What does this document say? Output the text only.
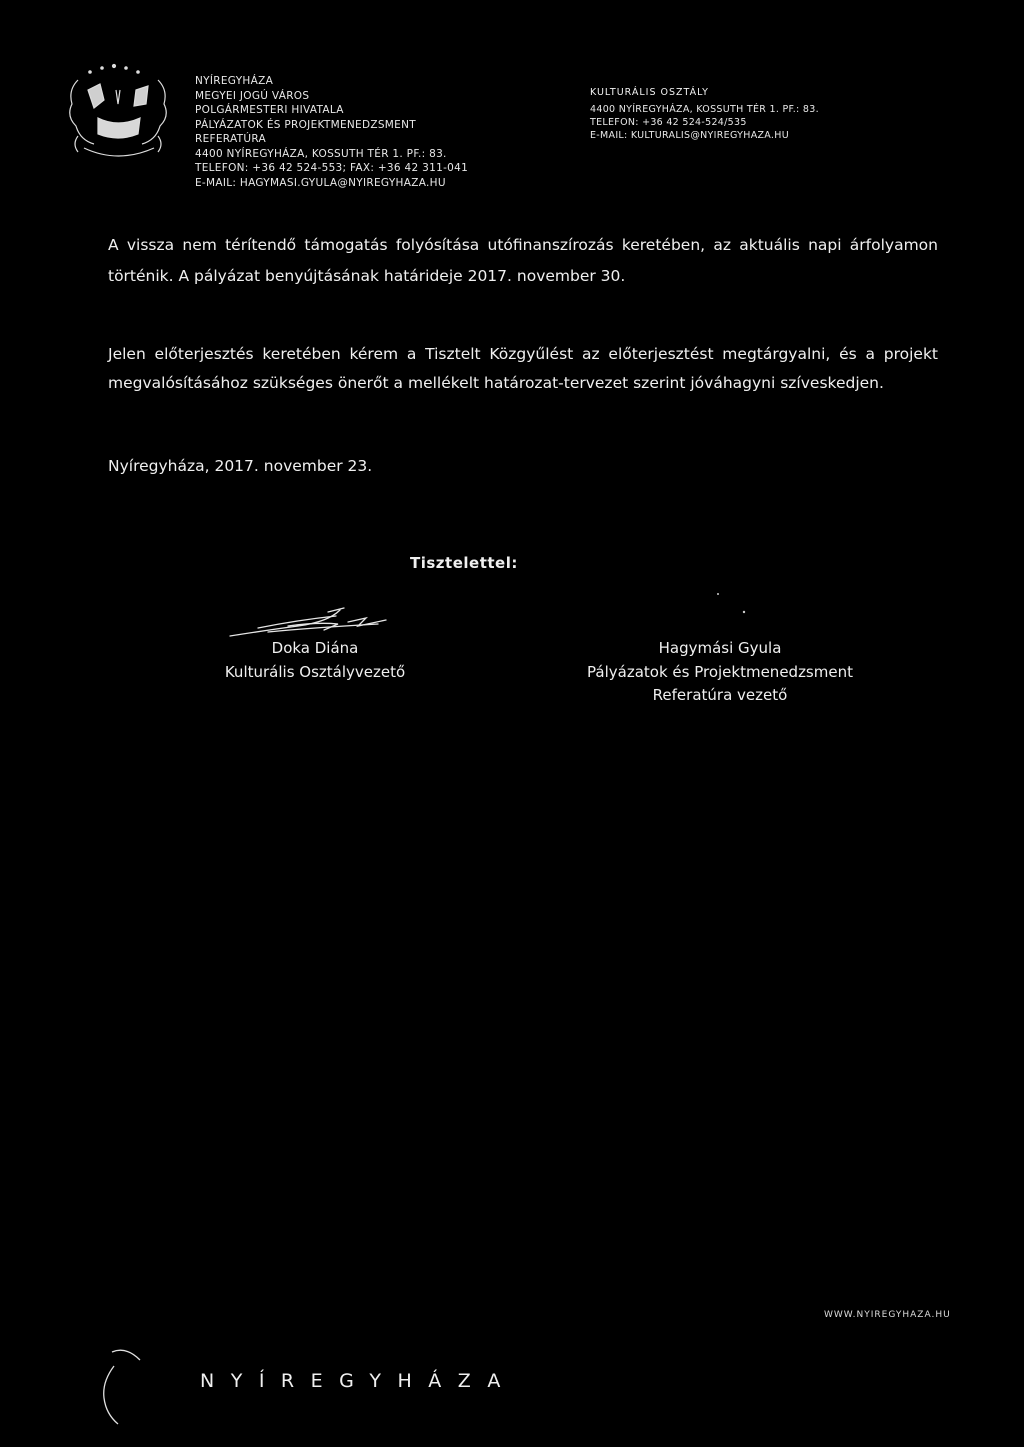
NYÍREGYHÁZA
MEGYEI JOGÚ VÁROS
POLGÁRMESTERI HIVATALA
PÁLYÁZATOK ÉS PROJEKTMENEDZSMENT
REFERATÚRA
4400 NYÍREGYHÁZA, KOSSUTH TÉR 1. PF.: 83.
TELEFON: +36 42 524-553; FAX: +36 42 311-041
E-MAIL: HAGYMASI.GYULA@NYIREGYHAZA.HU
KULTURÁLIS OSZTÁLY
4400 NYÍREGYHÁZA, KOSSUTH TÉR 1. PF.: 83.
TELEFON: +36 42 524-524/535
E-MAIL: KULTURALIS@NYIREGYHAZA.HU
A vissza nem térítendő támogatás folyósítása utófinanszírozás keretében, az aktuális napi árfolyamon
történik. A pályázat benyújtásának határideje 2017. november 30.
Jelen előterjesztés keretében kérem a Tisztelt Közgyűlést az előterjesztést megtárgyalni, és a projekt
megvalósításához szükséges önerőt a mellékelt határozat-tervezet szerint jóváhagyni szíveskedjen.
Nyíregyháza, 2017. november 23.
Tisztelettel:
Doka Diána
Kulturális Osztályvezető
Hagymási Gyula
Pályázatok és Projektmenedzsment
Referatúra vezető
WWW.NYIREGYHAZA.HU
NYÍREGYHÁZA
